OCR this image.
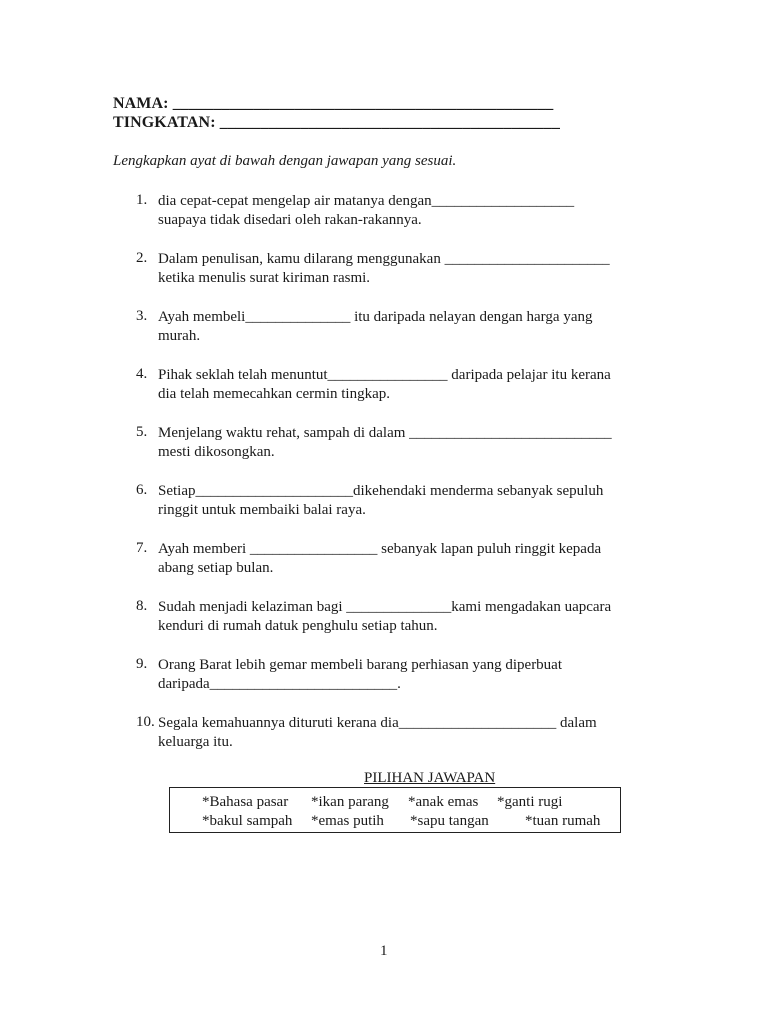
NAMA: _______________________________________________
TINGKATAN: __________________________________________
Lengkapkan ayat di bawah dengan jawapan yang sesuai.
1. dia cepat-cepat mengelap air matanya dengan___________________
suapaya tidak disedari oleh rakan-rakannya.
2. Dalam penulisan, kamu dilarang menggunakan ______________________
ketika menulis surat kiriman rasmi.
3. Ayah membeli______________ itu daripada nelayan dengan harga yang
murah.
4. Pihak seklah telah menuntut________________ daripada pelajar itu kerana
dia telah memecahkan cermin tingkap.
5. Menjelang waktu rehat, sampah di dalam ___________________________
mesti dikosongkan.
6. Setiap_____________________dikehendaki menderma sebanyak sepuluh
ringgit untuk membaiki balai raya.
7. Ayah memberi _________________ sebanyak lapan puluh ringgit kepada
abang setiap bulan.
8. Sudah menjadi kelaziman bagi ______________kami mengadakan uapcara
kenduri di rumah datuk penghulu setiap tahun.
9. Orang Barat lebih gemar membeli barang perhiasan yang diperbuat
daripada_________________________.
10. Segala kemahuannya dituruti kerana dia_____________________ dalam
keluarga itu.
PILIHAN JAWAPAN
*Bahasa pasar *ikan parang *anak emas *ganti rugi
*bakul sampah *emas putih *sapu tangan *tuan rumah
1
